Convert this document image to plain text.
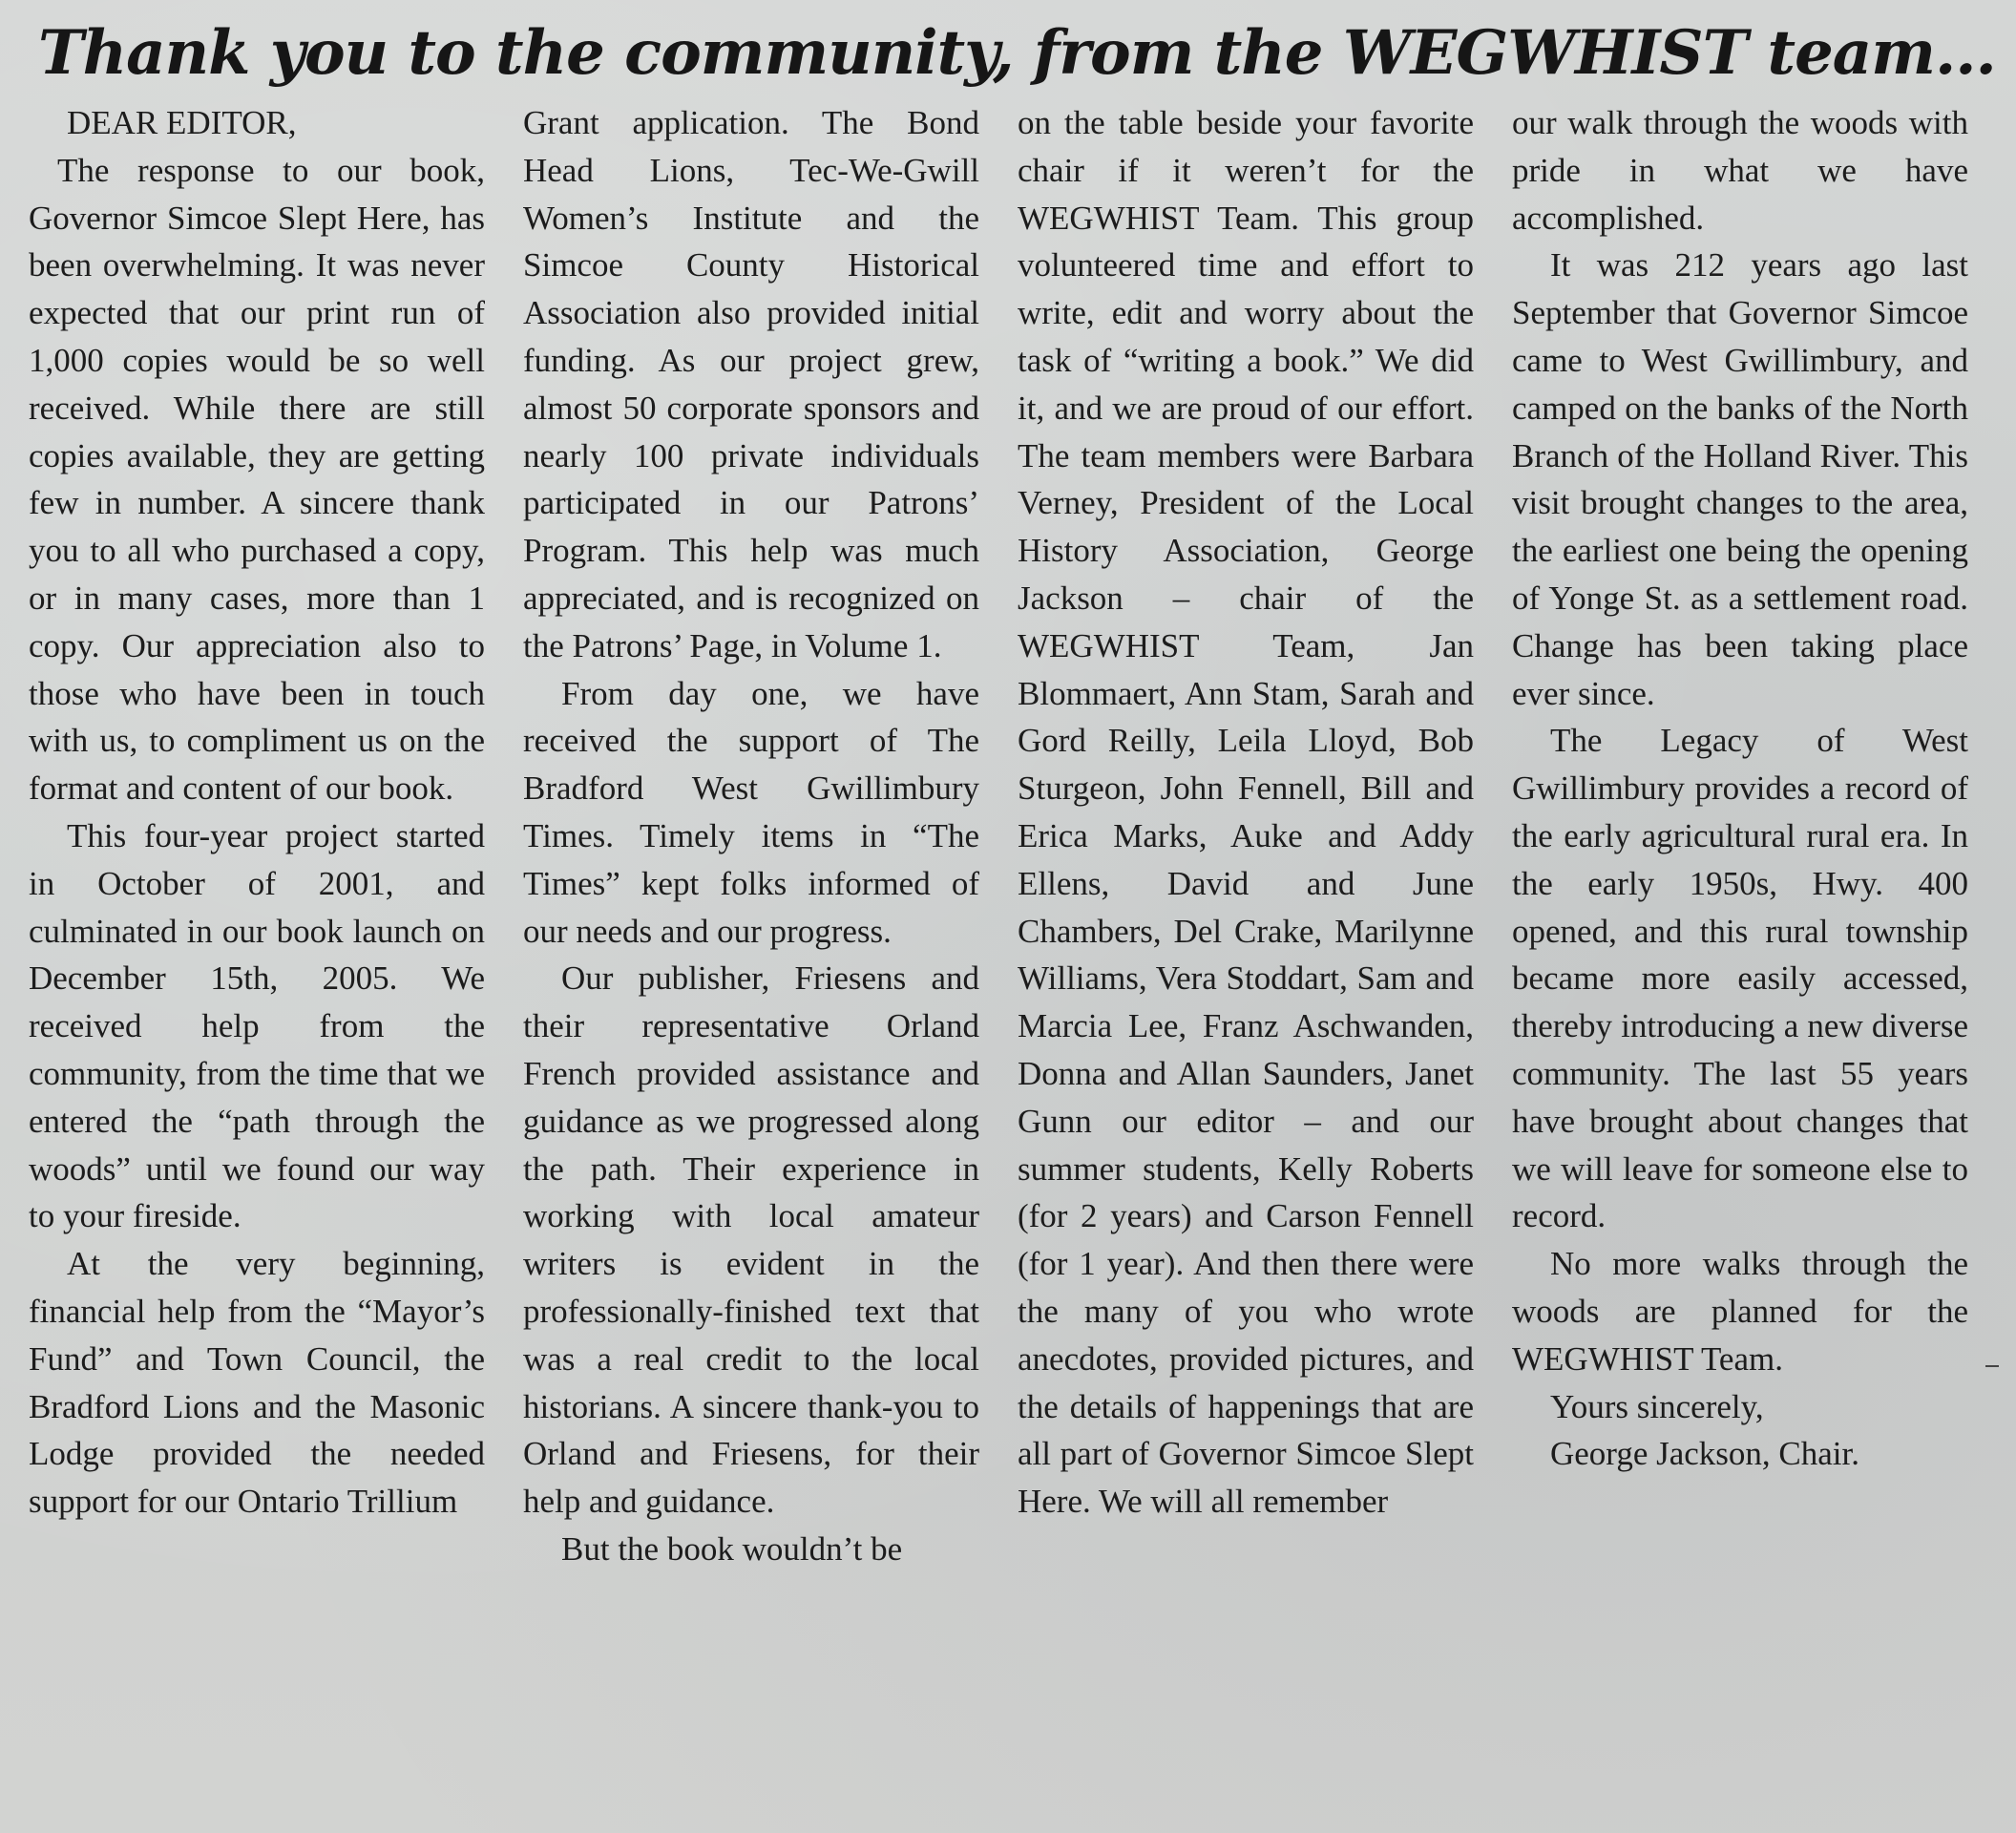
Thank you to the community, from the WEGWHIST team...

DEAR EDITOR,

The response to our book, Governor Simcoe Slept Here, has been overwhelming. It was never expected that our print run of 1,000 copies would be so well received. While there are still copies available, they are getting few in number. A sincere thank you to all who purchased a copy, or in many cases, more than 1 copy. Our appreciation also to those who have been in touch with us, to compliment us on the format and content of our book.

This four-year project started in October of 2001, and culminated in our book launch on December 15th, 2005. We received help from the community, from the time that we entered the “path through the woods” until we found our way to your fireside.

At the very beginning, financial help from the “Mayor’s Fund” and Town Council, the Bradford Lions and the Masonic Lodge provided the needed support for our Ontario Trillium

Grant application. The Bond Head Lions, Tec-We-Gwill Women’s Institute and the Simcoe County Historical Association also provided initial funding. As our project grew, almost 50 corporate sponsors and nearly 100 private individuals participated in our Patrons’ Program. This help was much appreciated, and is recognized on the Patrons’ Page, in Volume 1.

From day one, we have received the support of The Bradford West Gwillimbury Times. Timely items in “The Times” kept folks informed of our needs and our progress.

Our publisher, Friesens and their representative Orland French provided assistance and guidance as we progressed along the path. Their experience in working with local amateur writers is evident in the professionally-finished text that was a real credit to the local historians. A sincere thank-you to Orland and Friesens, for their help and guidance.

But the book wouldn’t be

on the table beside your favorite chair if it weren’t for the WEGWHIST Team. This group volunteered time and effort to write, edit and worry about the task of “writing a book.” We did it, and we are proud of our effort. The team members were Barbara Verney, President of the Local History Association, George Jackson – chair of the WEGWHIST Team, Jan Blommaert, Ann Stam, Sarah and Gord Reilly, Leila Lloyd, Bob Sturgeon, John Fennell, Bill and Erica Marks, Auke and Addy Ellens, David and June Chambers, Del Crake, Marilynne Williams, Vera Stoddart, Sam and Marcia Lee, Franz Aschwanden, Donna and Allan Saunders, Janet Gunn our editor – and our summer students, Kelly Roberts (for 2 years) and Carson Fennell (for 1 year). And then there were the many of you who wrote anecdotes, provided pictures, and the details of happenings that are all part of Governor Simcoe Slept Here. We will all remember

our walk through the woods with pride in what we have accomplished.

It was 212 years ago last September that Governor Simcoe came to West Gwillimbury, and camped on the banks of the North Branch of the Holland River. This visit brought changes to the area, the earliest one being the opening of Yonge St. as a settlement road. Change has been taking place ever since.

The Legacy of West Gwillimbury provides a record of the early agricultural rural era. In the early 1950s, Hwy. 400 opened, and this rural township became more easily accessed, thereby introducing a new diverse community. The last 55 years have brought about changes that we will leave for someone else to record.

No more walks through the woods are planned for the WEGWHIST Team.

Yours sincerely,

George Jackson, Chair.
